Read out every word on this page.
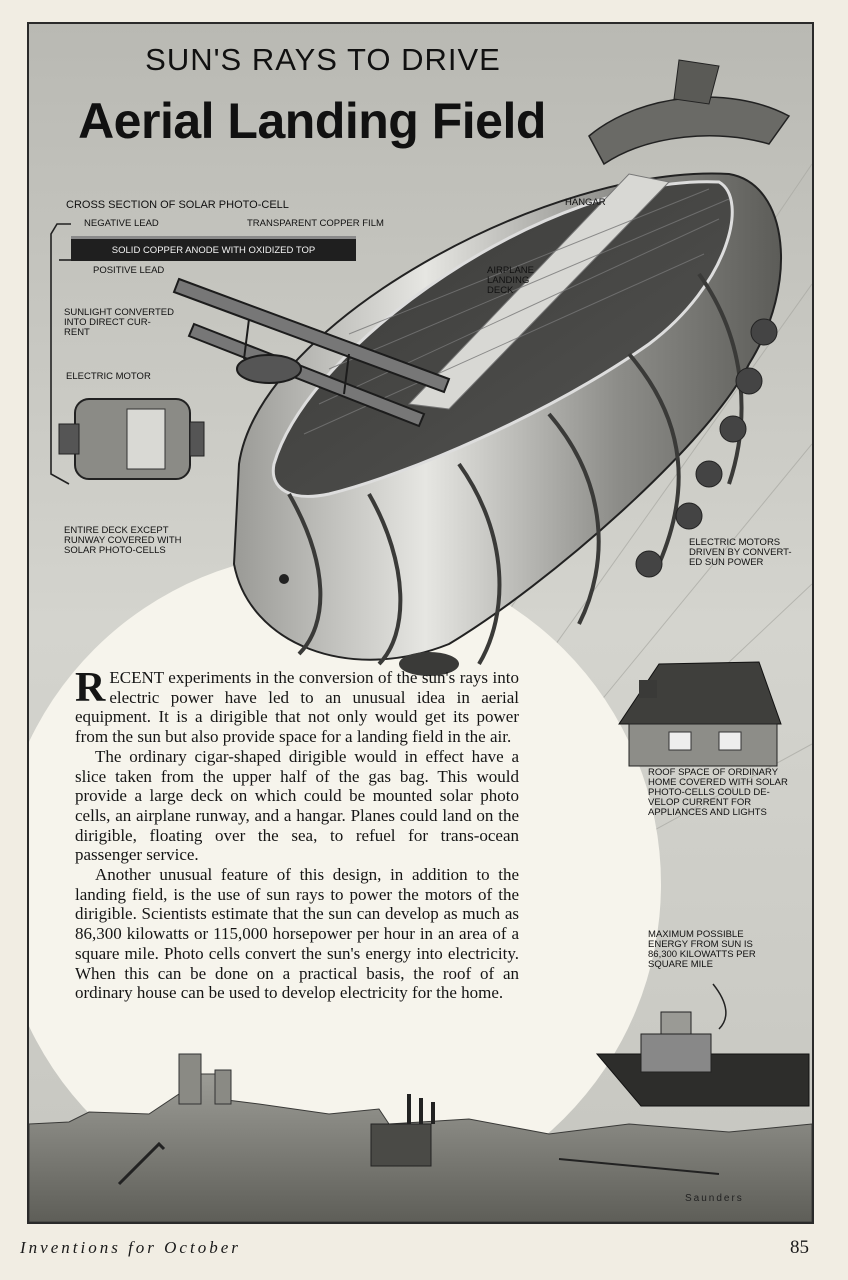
SUN'S RAYS TO DRIVE
Aerial Landing Field
CROSS SECTION OF SOLAR PHOTO-CELL
NEGATIVE LEAD	TRANSPARENT COPPER FILM
SOLID COPPER ANODE WITH OXIDIZED TOP
POSITIVE LEAD
SUNLIGHT CONVERTED
INTO DIRECT CUR-
RENT
ELECTRIC MOTOR
HANGAR
AIRPLANE
LANDING
DECK
ENTIRE DECK EXCEPT
RUNWAY COVERED WITH
SOLAR PHOTO-CELLS
ELECTRIC MOTORS
DRIVEN BY CONVERT-
ED SUN POWER
ROOF SPACE OF ORDINARY
HOME COVERED WITH SOLAR
PHOTO-CELLS COULD DE-
VELOP CURRENT FOR
APPLIANCES AND LIGHTS
MAXIMUM POSSIBLE
ENERGY FROM SUN IS
86,300 KILOWATTS PER
SQUARE MILE
Saunders

RECENT experiments in the conversion of the sun's rays into electric power have led to an unusual idea in aerial equipment. It is a dirigible that not only would get its power from the sun but also provide space for a landing field in the air.

The ordinary cigar-shaped dirigible would in effect have a slice taken from the upper half of the gas bag. This would provide a large deck on which could be mounted solar photo cells, an airplane runway, and a hangar. Planes could land on the dirigible, floating over the sea, to refuel for trans-ocean passenger service.

Another unusual feature of this design, in addition to the landing field, is the use of sun rays to power the motors of the dirigible. Scientists estimate that the sun can develop as much as 86,300 kilowatts or 115,000 horsepower per hour in an area of a square mile. Photo cells convert the sun's energy into electricity. When this can be done on a practical basis, the roof of an ordinary house can be used to develop electricity for the home.

Inventions for October	85
